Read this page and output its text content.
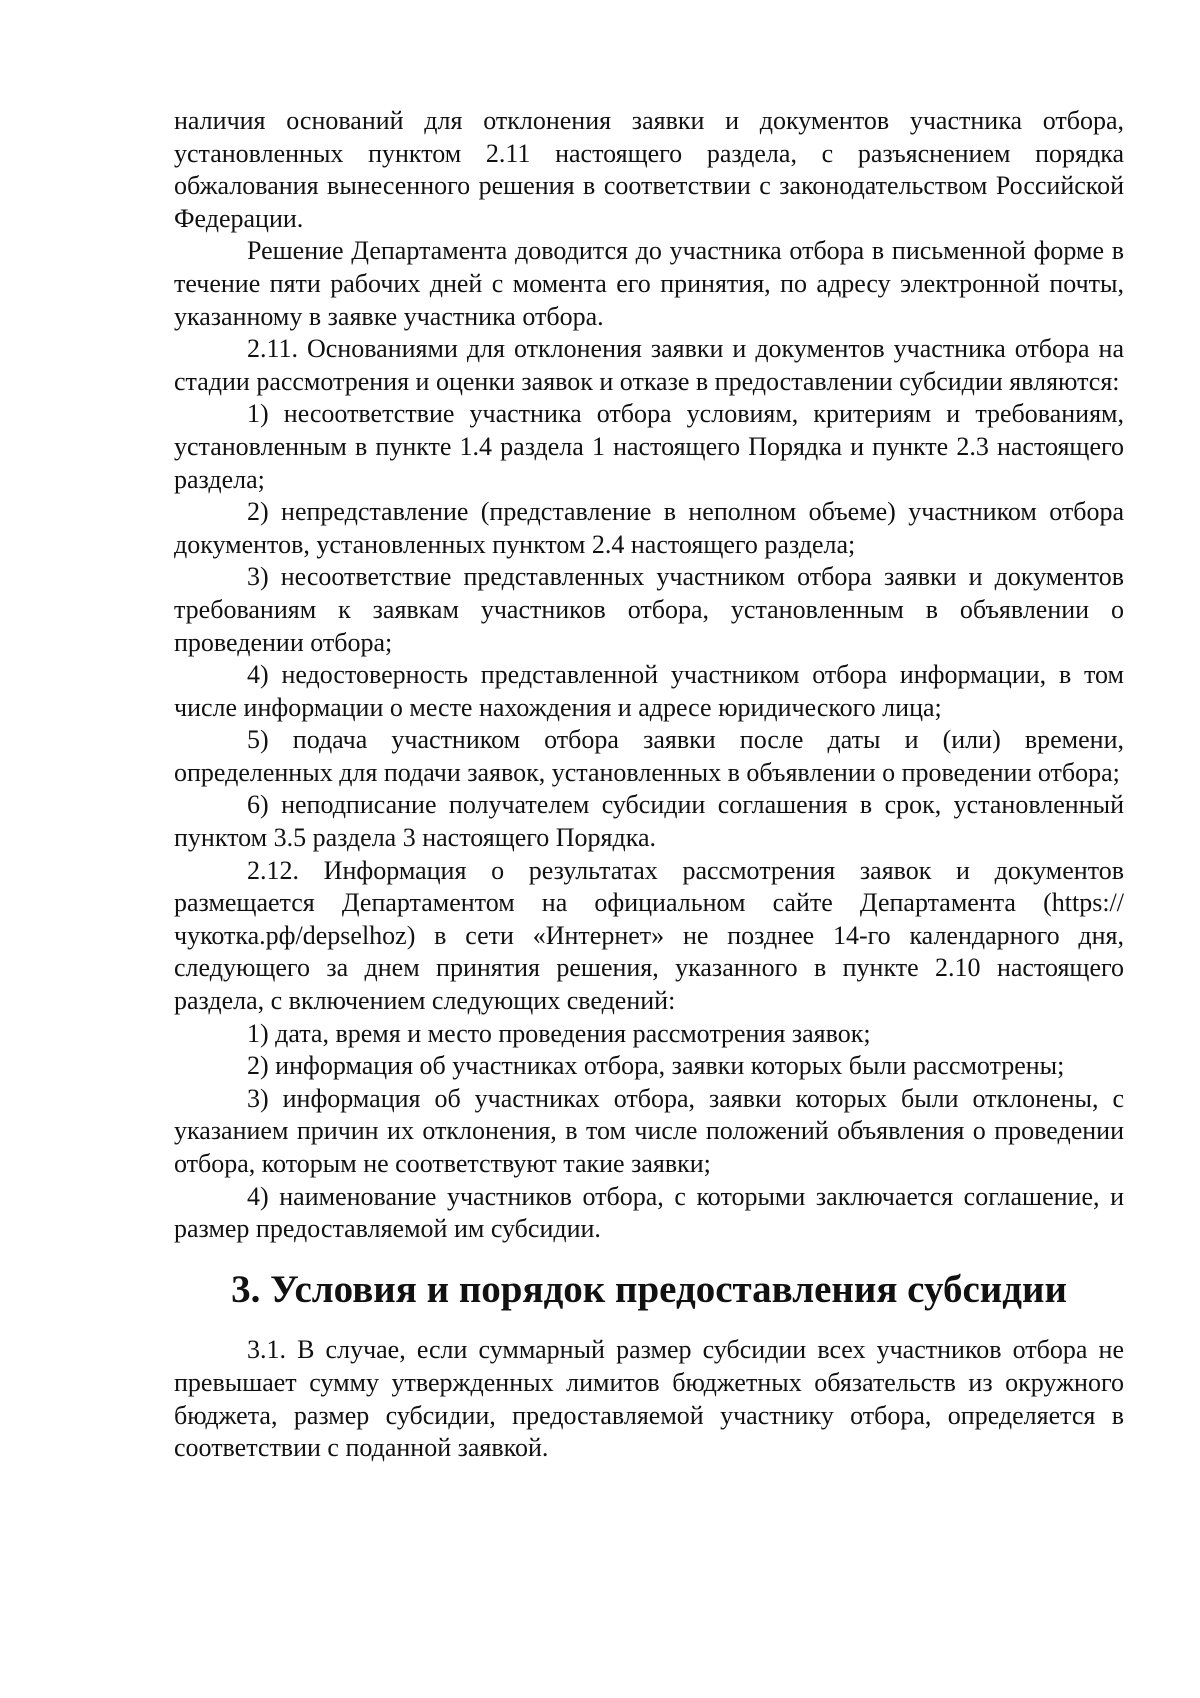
наличия оснований для отклонения заявки и документов участника отбора, установленных пунктом 2.11 настоящего раздела, с разъяснением порядка обжалования вынесенного решения в соответствии с законодательством Российской Федерации.

Решение Департамента доводится до участника отбора в письменной форме в течение пяти рабочих дней с момента его принятия, по адресу электронной почты, указанному в заявке участника отбора.

2.11. Основаниями для отклонения заявки и документов участника отбора на стадии рассмотрения и оценки заявок и отказе в предоставлении субсидии являются:

1) несоответствие участника отбора условиям, критериям и требованиям, установленным в пункте 1.4 раздела 1 настоящего Порядка и пункте 2.3 настоящего раздела;

2) непредставление (представление в неполном объеме) участником отбора документов, установленных пунктом 2.4 настоящего раздела;

3) несоответствие представленных участником отбора заявки и документов требованиям к заявкам участников отбора, установленным в объявлении о проведении отбора;

4) недостоверность представленной участником отбора информации, в том числе информации о месте нахождения и адресе юридического лица;

5) подача участником отбора заявки после даты и (или) времени, определенных для подачи заявок, установленных в объявлении о проведении отбора;

6) неподписание получателем субсидии соглашения в срок, установленный пунктом 3.5 раздела 3 настоящего Порядка.

2.12. Информация о результатах рассмотрения заявок и документов размещается Департаментом на официальном сайте Департамента (https://чукотка.рф/depselhoz) в сети «Интернет» не позднее 14-го календарного дня, следующего за днем принятия решения, указанного в пункте 2.10 настоящего раздела, с включением следующих сведений:

1) дата, время и место проведения рассмотрения заявок;

2) информация об участниках отбора, заявки которых были рассмотрены;

3) информация об участниках отбора, заявки которых были отклонены, с указанием причин их отклонения, в том числе положений объявления о проведении отбора, которым не соответствуют такие заявки;

4) наименование участников отбора, с которыми заключается соглашение, и размер предоставляемой им субсидии.

3. Условия и порядок предоставления субсидии

3.1. В случае, если суммарный размер субсидии всех участников отбора не превышает сумму утвержденных лимитов бюджетных обязательств из окружного бюджета, размер субсидии, предоставляемой участнику отбора, определяется в соответствии с поданной заявкой.
